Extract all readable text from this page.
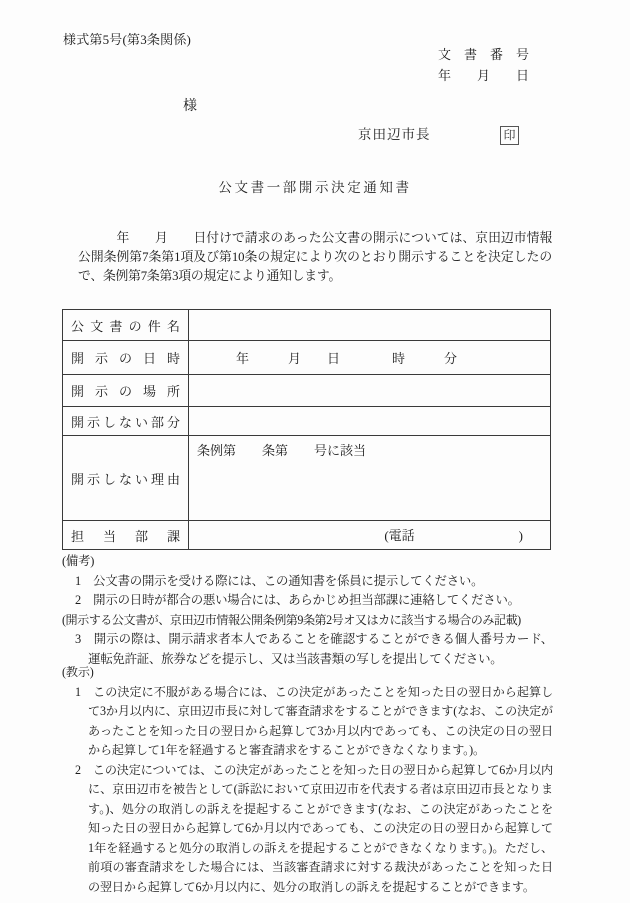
様式第5号(第3条関係)
文　書　番　号
年　　月　　日
様
京田辺市長	印
公文書一部開示決定通知書
　　　年　　月　　日付けで請求のあった公文書の開示については、京田辺市情報公開条例第7条第1項及び第10条の規定により次のとおり開示することを決定したので、条例第7条第3項の規定により通知します。
公文書の件名	
開示の日時	　　　年　　　月　　日　　　　時　　　分
開示の場所	
開示しない部分	
開示しない理由	条例第　　条第　　号に該当
担当部課	(電話　　　　　　　　)

(備考)

1　公文書の開示を受ける際には、この通知書を係員に提示してください。

2　開示の日時が都合の悪い場合には、あらかじめ担当部課に連絡してください。

(開示する公文書が、京田辺市情報公開条例第9条第2号オ又はカに該当する場合のみ記載)

3　開示の際は、開示請求者本人であることを確認することができる個人番号カード、運転免許証、旅券などを提示し、又は当該書類の写しを提出してください。

(教示)

1　この決定に不服がある場合には、この決定があったことを知った日の翌日から起算して3か月以内に、京田辺市長に対して審査請求をすることができます(なお、この決定があったことを知った日の翌日から起算して3か月以内であっても、この決定の日の翌日から起算して1年を経過すると審査請求をすることができなくなります。)。

2　この決定については、この決定があったことを知った日の翌日から起算して6か月以内に、京田辺市を被告として(訴訟において京田辺市を代表する者は京田辺市長となります。)、処分の取消しの訴えを提起することができます(なお、この決定があったことを知った日の翌日から起算して6か月以内であっても、この決定の日の翌日から起算して1年を経過すると処分の取消しの訴えを提起することができなくなります。)。ただし、前項の審査請求をした場合には、当該審査請求に対する裁決があったことを知った日の翌日から起算して6か月以内に、処分の取消しの訴えを提起することができます。
